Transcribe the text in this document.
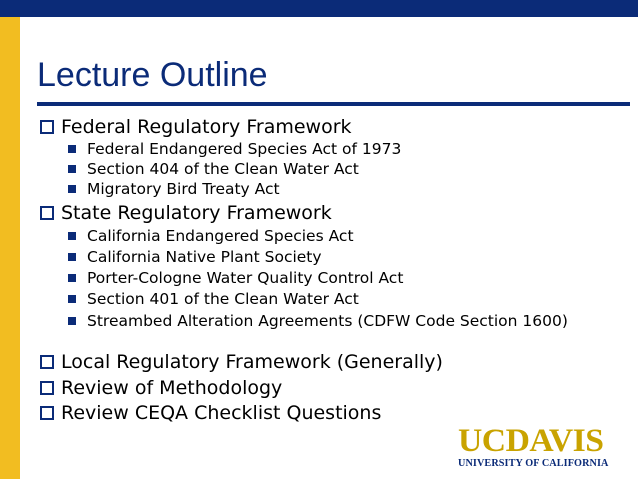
Lecture Outline
Federal Regulatory Framework
Federal Endangered Species Act of 1973
Section 404 of the Clean Water Act
Migratory Bird Treaty Act
State Regulatory Framework
California Endangered Species Act
California Native Plant Society
Porter-Cologne Water Quality Control Act
Section 401 of the Clean Water Act
Streambed Alteration Agreements (CDFW Code Section 1600)
Local Regulatory Framework (Generally)
Review of Methodology
Review CEQA Checklist Questions
UCDAVIS
UNIVERSITY OF CALIFORNIA
